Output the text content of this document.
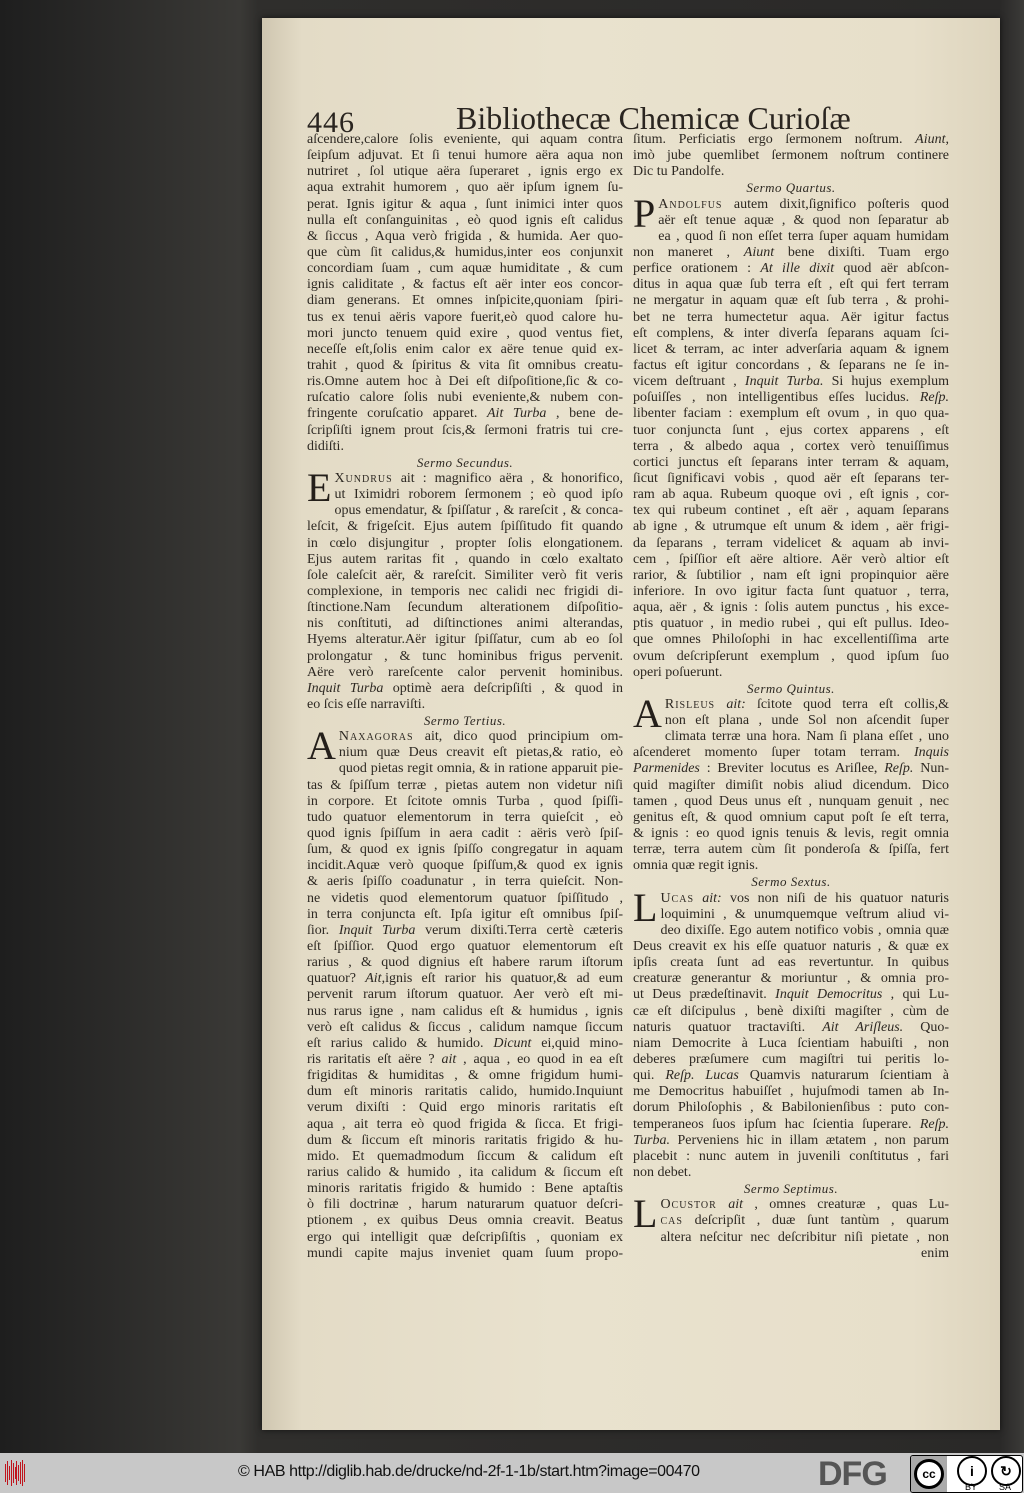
446	Bibliothecæ Chemicæ Curioſæ
aſcendere,calore ſolis eveniente, qui aquam contra
ſeipſum adjuvat. Et ſi tenui humore aëra aqua non
nutriret , ſol utique aëra ſuperaret , ignis ergo ex
aqua extrahit humorem , quo aër ipſum ignem ſu-
perat. Ignis igitur & aqua , ſunt inimici inter quos
nulla eſt conſanguinitas , eò quod ignis eſt calidus
& ſiccus , Aqua verò frigida , & humida. Aer quo-
que cùm ſit calidus,& humidus,inter eos conjunxit
concordiam ſuam , cum aquæ humiditate , & cum
ignis caliditate , & factus eſt aër inter eos concor-
diam generans. Et omnes inſpicite,quoniam ſpiri-
tus ex tenui aëris vapore fuerit,eò quod calore hu-
mori juncto tenuem quid exire , quod ventus fiet,
neceſſe eſt,ſolis enim calor ex aëre tenue quid ex-
trahit , quod & ſpiritus & vita ſit omnibus creatu-
ris.Omne autem hoc à Dei eſt diſpoſitione,ſic & co-
ruſcatio calore ſolis nubi eveniente,& nubem con-
fringente coruſcatio apparet. Ait Turba , bene de-
ſcripſiſti ignem prout ſcis,& ſermoni fratris tui cre-
didiſti.
Sermo Secundus.
E Xundrus ait : magnifico aëra , & honorifico,
ut Iximidri roborem ſermonem ; eò quod ipſo
opus emendatur, & ſpiſſatur , & rareſcit , & conca-
leſcit, & frigeſcit. Ejus autem ſpiſſitudo fit quando
in cœlo disjungitur , propter ſolis elongationem.
Ejus autem raritas fit , quando in cœlo exaltato
ſole caleſcit aër, & rareſcit. Similiter verò fit veris
complexione, in temporis nec calidi nec frigidi di-
ſtinctione.Nam ſecundum alterationem diſpoſitio-
nis conſtituti, ad diſtinctiones animi alterandas,
Hyems alteratur.Aër igitur ſpiſſatur, cum ab eo ſol
prolongatur , & tunc hominibus frigus pervenit.
Aëre verò rareſcente calor pervenit hominibus.
Inquit Turba optimè aera deſcripſiſti , & quod in
eo ſcis eſſe narraviſti.
Sermo Tertius.
A Naxagoras ait, dico quod principium om-
nium quæ Deus creavit eſt pietas,& ratio, eò
quod pietas regit omnia, & in ratione apparuit pie-
tas & ſpiſſum terræ , pietas autem non videtur niſi
in corpore. Et ſcitote omnis Turba , quod ſpiſſi-
tudo quatuor elementorum in terra quieſcit , eò
quod ignis ſpiſſum in aera cadit : aëris verò ſpiſ-
ſum, & quod ex ignis ſpiſſo congregatur in aquam
incidit.Aquæ verò quoque ſpiſſum,& quod ex ignis
& aeris ſpiſſo coadunatur , in terra quieſcit. Non-
ne videtis quod elementorum quatuor ſpiſſitudo ,
in terra conjuncta eſt. Ipſa igitur eſt omnibus ſpiſ-
ſior. Inquit Turba verum dixiſti.Terra certè cæteris
eſt ſpiſſior. Quod ergo quatuor elementorum eſt
rarius , & quod dignius eſt habere rarum iſtorum
quatuor? Ait,ignis eſt rarior his quatuor,& ad eum
pervenit rarum iſtorum quatuor. Aer verò eſt mi-
nus rarus igne , nam calidus eſt & humidus , ignis
verò eſt calidus & ſiccus , calidum namque ſiccum
eſt rarius calido & humido. Dicunt ei,quid mino-
ris raritatis eſt aëre ? ait , aqua , eo quod in ea eſt
frigiditas & humiditas , & omne frigidum humi-
dum eſt minoris raritatis calido, humido.Inquiunt
verum dixiſti : Quid ergo minoris raritatis eſt
aqua , ait terra eò quod frigida & ſicca. Et frigi-
dum & ſiccum eſt minoris raritatis frigido & hu-
mido. Et quemadmodum ſiccum & calidum eſt
rarius calido & humido , ita calidum & ſiccum eſt
minoris raritatis frigido & humido : Bene aptaſtis
ò fili doctrinæ , harum naturarum quatuor deſcri-
ptionem , ex quibus Deus omnia creavit. Beatus
ergo qui intelligit quæ deſcripſiſtis , quoniam ex
mundi capite majus inveniet quam ſuum propo-
ſitum. Perficiatis ergo ſermonem noſtrum. Aiunt,
imò jube quemlibet ſermonem noſtrum continere
Dic tu Pandolfe.
Sermo Quartus.
P Andolfus autem dixit,ſignifico poſteris quod
aër eſt tenue aquæ , & quod non ſeparatur ab
ea , quod ſi non eſſet terra ſuper aquam humidam
non maneret , Aiunt bene dixiſti. Tuam ergo
perfice orationem : At ille dixit quod aër abſcon-
ditus in aqua quæ ſub terra eſt , eſt qui fert terram
ne mergatur in aquam quæ eſt ſub terra , & prohi-
bet ne terra humectetur aqua. Aër igitur factus
eſt complens, & inter diverſa ſeparans aquam ſci-
licet & terram, ac inter adverſaria aquam & ignem
factus eſt igitur concordans , & ſeparans ne ſe in-
vicem deſtruant , Inquit Turba. Si hujus exemplum
poſuiſſes , non intelligentibus eſſes lucidus. Reſp.
libenter faciam : exemplum eſt ovum , in quo qua-
tuor conjuncta ſunt , ejus cortex apparens , eſt
terra , & albedo aqua , cortex verò tenuiſſimus
cortici junctus eſt ſeparans inter terram & aquam,
ſicut ſignificavi vobis , quod aër eſt ſeparans ter-
ram ab aqua. Rubeum quoque ovi , eſt ignis , cor-
tex qui rubeum continet , eſt aër , aquam ſeparans
ab igne , & utrumque eſt unum & idem , aër frigi-
da ſeparans , terram videlicet & aquam ab invi-
cem , ſpiſſior eſt aëre altiore. Aër verò altior eſt
rarior, & ſubtilior , nam eſt igni propinquior aëre
inferiore. In ovo igitur facta ſunt quatuor , terra,
aqua, aër , & ignis : ſolis autem punctus , his exce-
ptis quatuor , in medio rubei , qui eſt pullus. Ideo-
que omnes Philoſophi in hac excellentiſſima arte
ovum deſcripſerunt exemplum , quod ipſum ſuo
operi poſuerunt.
Sermo Quintus.
A Risleus ait: ſcitote quod terra eſt collis,&
non eſt plana , unde Sol non aſcendit ſuper
climata terræ una hora. Nam ſi plana eſſet , uno
aſcenderet momento ſuper totam terram. Inquis
Parmenides : Breviter locutus es Ariſlee, Reſp. Nun-
quid magiſter dimiſit nobis aliud dicendum. Dico
tamen , quod Deus unus eſt , nunquam genuit , nec
genitus eſt, & quod omnium caput poſt ſe eſt terra,
& ignis : eo quod ignis tenuis & levis, regit omnia
terræ, terra autem cùm ſit ponderoſa & ſpiſſa, fert
omnia quæ regit ignis.
Sermo Sextus.
L Ucas ait: vos non niſi de his quatuor naturis
loquimini , & unumquemque veſtrum aliud vi-
deo dixiſſe. Ego autem notifico vobis , omnia quæ
Deus creavit ex his eſſe quatuor naturis , & quæ ex
ipſis creata ſunt ad eas revertuntur. In quibus
creaturæ generantur & moriuntur , & omnia pro-
ut Deus prædeſtinavit. Inquit Democritus , qui Lu-
cæ eſt diſcipulus , benè dixiſti magiſter , cùm de
naturis quatuor tractaviſti. Ait Ariſleus. Quo-
niam Democrite à Luca ſcientiam habuiſti , non
deberes præſumere cum magiſtri tui peritis lo-
qui. Reſp. Lucas Quamvis naturarum ſcientiam à
me Democritus habuiſſet , hujuſmodi tamen ab In-
dorum Philoſophis , & Babilonienſibus : puto con-
temperaneos ſuos ipſum hac ſcientia ſuperare. Reſp.
Turba. Perveniens hic in illam ætatem , non parum
placebit : nunc autem in juvenili conſtitutus , fari
non debet.
Sermo Septimus.
L Ocuſtor ait , omnes creaturæ , quas Lu-
cas deſcripſit , duæ ſunt tantùm , quarum
altera neſcitur nec deſcribitur niſi pietate , non
enim
© HAB http://diglib.hab.de/drucke/nd-2f-1-1b/start.htm?image=00470	DFG	cc	i	↻
BY SA
